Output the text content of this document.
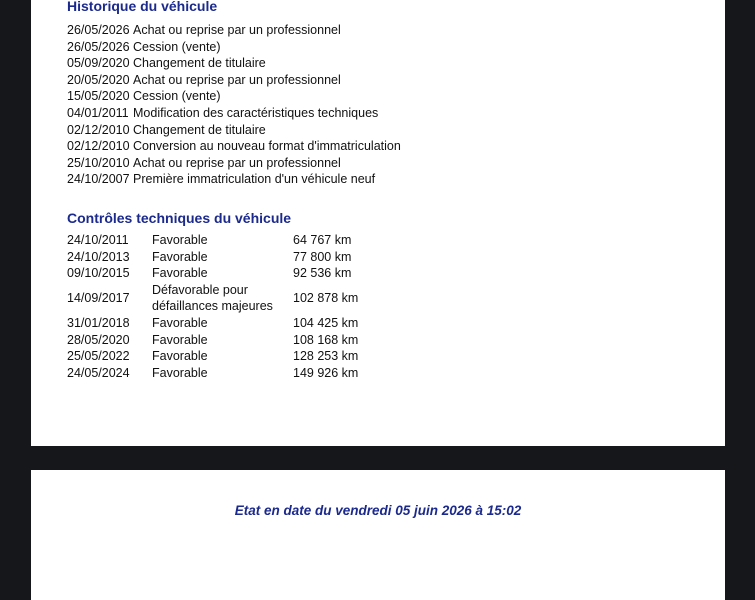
Historique du véhicule
26/05/2026 Achat ou reprise par un professionnel
26/05/2026 Cession (vente)
05/09/2020 Changement de titulaire
20/05/2020 Achat ou reprise par un professionnel
15/05/2020 Cession (vente)
04/01/2011 Modification des caractéristiques techniques
02/12/2010 Changement de titulaire
02/12/2010 Conversion au nouveau format d'immatriculation
25/10/2010 Achat ou reprise par un professionnel
24/10/2007 Première immatriculation d'un véhicule neuf
Contrôles techniques du véhicule
24/10/2011	Favorable	64 767 km
24/10/2013	Favorable	77 800 km
09/10/2015	Favorable	92 536 km
14/09/2017	Défavorable pour défaillances majeures	102 878 km
31/01/2018	Favorable	104 425 km
28/05/2020	Favorable	108 168 km
25/05/2022	Favorable	128 253 km
24/05/2024	Favorable	149 926 km
Etat en date du vendredi 05 juin 2026 à 15:02
